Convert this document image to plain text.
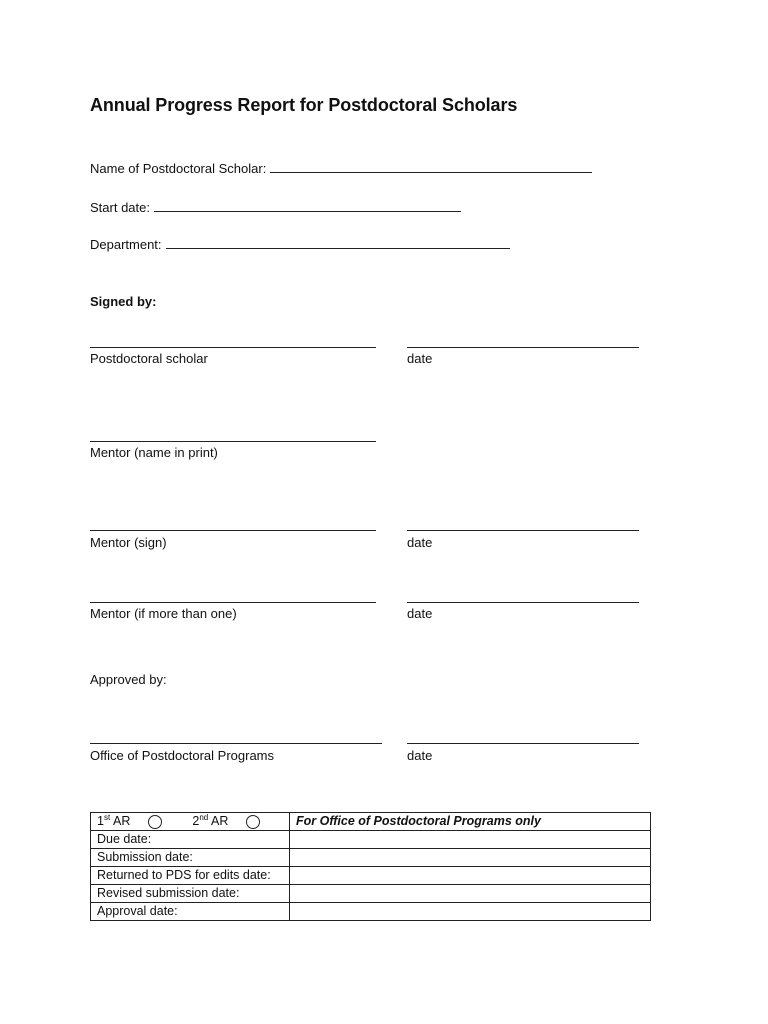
Annual Progress Report for Postdoctoral Scholars
Name of Postdoctoral Scholar:
Start date:
Department:
Signed by:
Postdoctoral scholar	date
Mentor (name in print)
Mentor (sign)	date
Mentor (if more than one)	date
Approved by:
Office of Postdoctoral Programs	date
1st AR 2nd AR	For Office of Postdoctoral Programs only
Due date:	
Submission date:	
Returned to PDS for edits date:	
Revised submission date:	
Approval date:	
